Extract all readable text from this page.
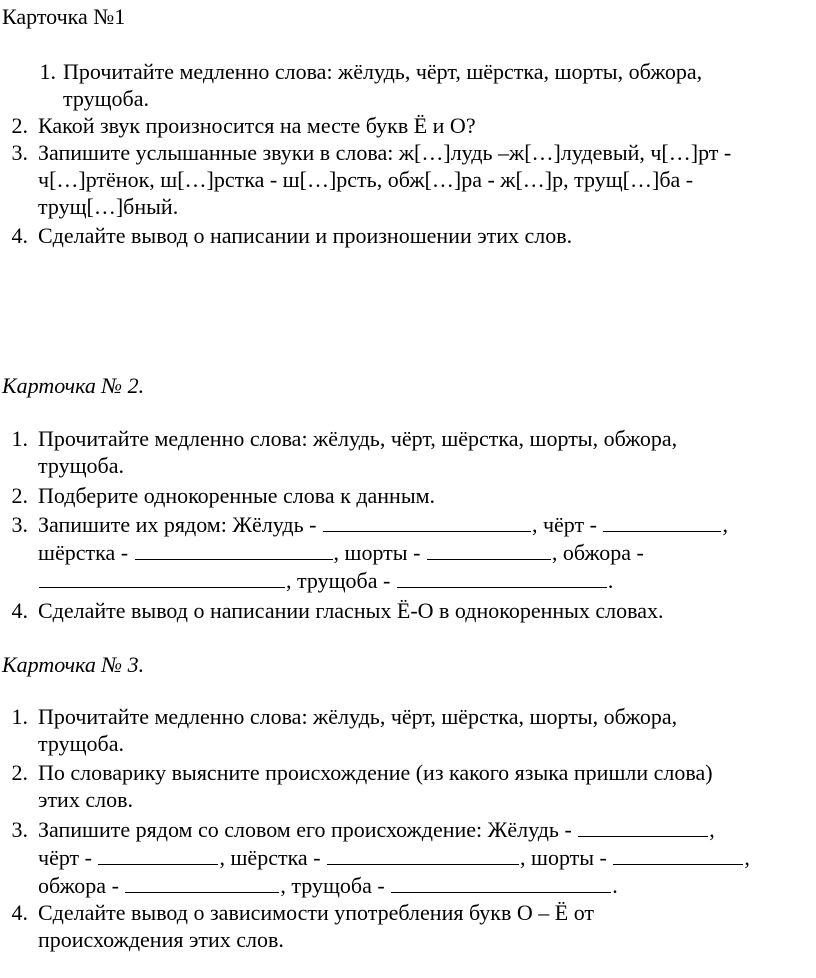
Карточка №1
1. Прочитайте медленно слова: жёлудь, чёрт, шёрстка, шорты, обжора,
трущоба.
2. Какой звук произносится на месте букв Ё и О?
3. Запишите услышанные звуки в слова: ж[…]лудь –ж[…]лудевый, ч[…]рт -
ч[…]ртёнок, ш[…]рстка - ш[…]рсть, обж[…]ра - ж[…]р, трущ[…]ба -
трущ[…]бный.
4. Сделайте вывод о написании и произношении этих слов.
Карточка № 2.
1. Прочитайте медленно слова: жёлудь, чёрт, шёрстка, шорты, обжора,
трущоба.
2. Подберите однокоренные слова к данным.
3. Запишите их рядом: Жёлудь -	, чёрт -	,
шёрстка -	, шорты -	, обжора -
, трущоба -	.
4. Сделайте вывод о написании гласных Ё-О в однокоренных словах.
Карточка № 3.
1. Прочитайте медленно слова: жёлудь, чёрт, шёрстка, шорты, обжора,
трущоба.
2. По словарику выясните происхождение (из какого языка пришли слова)
этих слов.
3. Запишите рядом со словом его происхождение: Жёлудь -	,
чёрт -	, шёрстка -	, шорты -	,
обжора -	, трущоба -	.
4. Сделайте вывод о зависимости употребления букв О – Ё от
происхождения этих слов.
